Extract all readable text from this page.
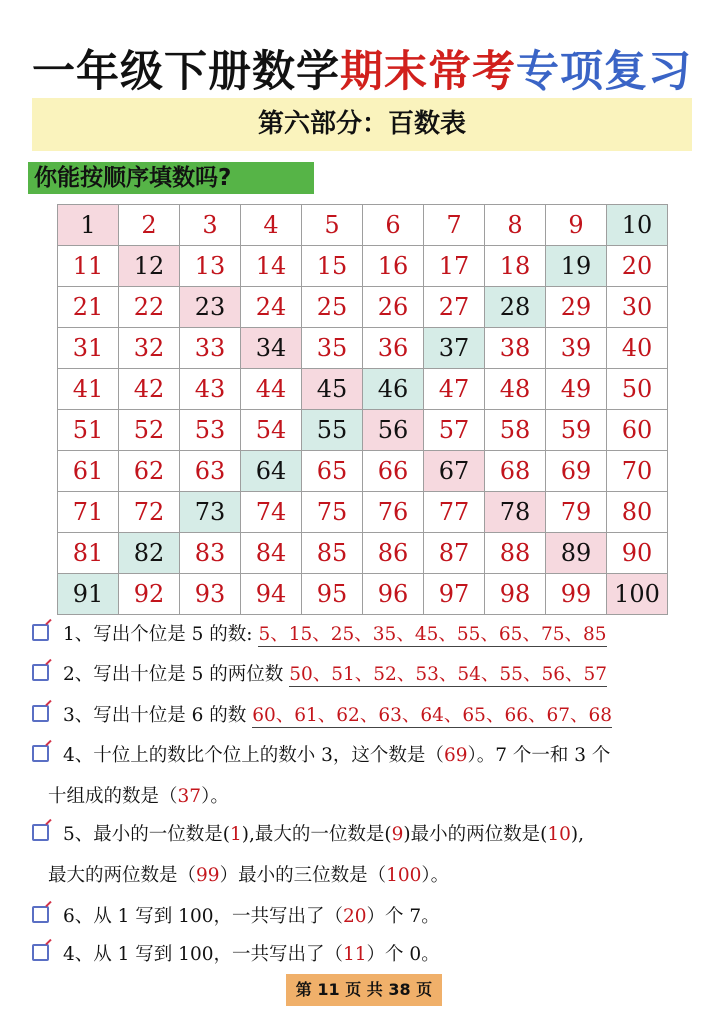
一年级下册数学期末常考专项复习
第六部分：百数表
你能按顺序填数吗?
1	2	3	4	5	6	7	8	9	10
11	12	13	14	15	16	17	18	19	20
21	22	23	24	25	26	27	28	29	30
31	32	33	34	35	36	37	38	39	40
41	42	43	44	45	46	47	48	49	50
51	52	53	54	55	56	57	58	59	60
61	62	63	64	65	66	67	68	69	70
71	72	73	74	75	76	77	78	79	80
81	82	83	84	85	86	87	88	89	90
91	92	93	94	95	96	97	98	99	100
1、写出个位是 5 的数: 5、15、25、35、45、55、65、75、85
2、写出十位是 5 的两位数 50、51、52、53、54、55、56、57
3、写出十位是 6 的数 60、61、62、63、64、65、66、67、68
4、十位上的数比个位上的数小 3，这个数是（69）。7 个一和 3 个
十组成的数是（37）。
5、最小的一位数是(1),最大的一位数是(9)最小的两位数是(10),
最大的两位数是（99）最小的三位数是（100）。
6、从 1 写到 100，一共写出了（20）个 7。
4、从 1 写到 100，一共写出了（11）个 0。
第 11 页 共 38 页
